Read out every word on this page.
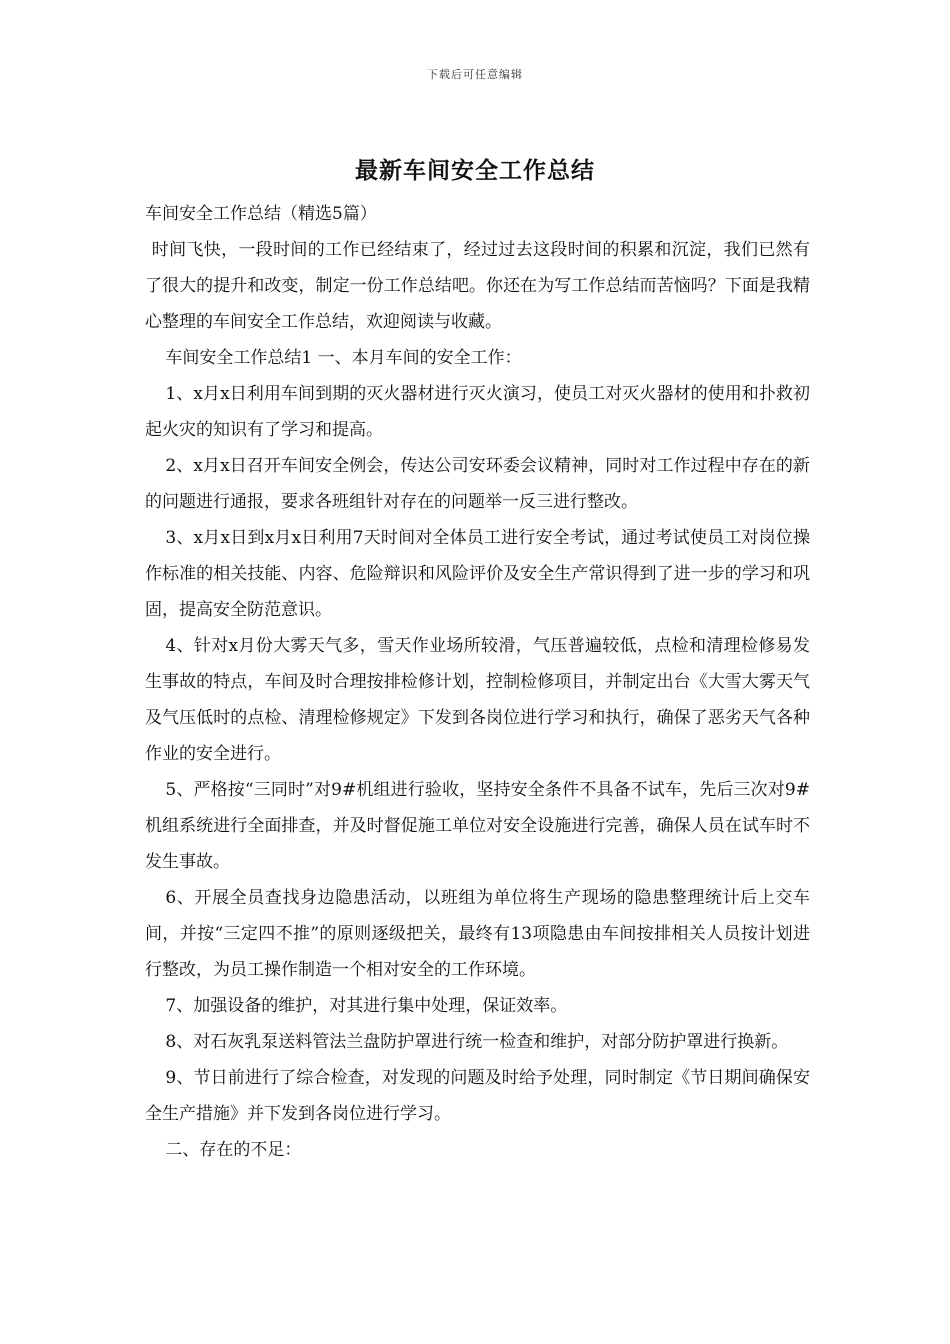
下载后可任意编辑
最新车间安全工作总结

车间安全工作总结（精选5篇）

时间飞快，一段时间的工作已经结束了，经过过去这段时间的积累和沉淀，我们已然有了很大的提升和改变，制定一份工作总结吧。你还在为写工作总结而苦恼吗？下面是我精心整理的车间安全工作总结，欢迎阅读与收藏。

车间安全工作总结1 一、本月车间的安全工作：

1、x月x日利用车间到期的灭火器材进行灭火演习，使员工对灭火器材的使用和扑救初起火灾的知识有了学习和提高。

2、x月x日召开车间安全例会，传达公司安环委会议精神，同时对工作过程中存在的新的问题进行通报，要求各班组针对存在的问题举一反三进行整改。

3、x月x日到x月x日利用7天时间对全体员工进行安全考试，通过考试使员工对岗位操作标准的相关技能、内容、危险辩识和风险评价及安全生产常识得到了进一步的学习和巩固，提高安全防范意识。

4、针对x月份大雾天气多，雪天作业场所较滑，气压普遍较低，点检和清理检修易发生事故的特点，车间及时合理按排检修计划，控制检修项目，并制定出台《大雪大雾天气及气压低时的点检、清理检修规定》下发到各岗位进行学习和执行，确保了恶劣天气各种作业的安全进行。

5、严格按“三同时”对9#机组进行验收，坚持安全条件不具备不试车，先后三次对9#机组系统进行全面排查，并及时督促施工单位对安全设施进行完善，确保人员在试车时不发生事故。

6、开展全员查找身边隐患活动，以班组为单位将生产现场的隐患整理统计后上交车间，并按“三定四不推”的原则逐级把关，最终有13项隐患由车间按排相关人员按计划进行整改，为员工操作制造一个相对安全的工作环境。

7、加强设备的维护，对其进行集中处理，保证效率。

8、对石灰乳泵送料管法兰盘防护罩进行统一检查和维护，对部分防护罩进行换新。

9、节日前进行了综合检查，对发现的问题及时给予处理，同时制定《节日期间确保安全生产措施》并下发到各岗位进行学习。

二、存在的不足：
